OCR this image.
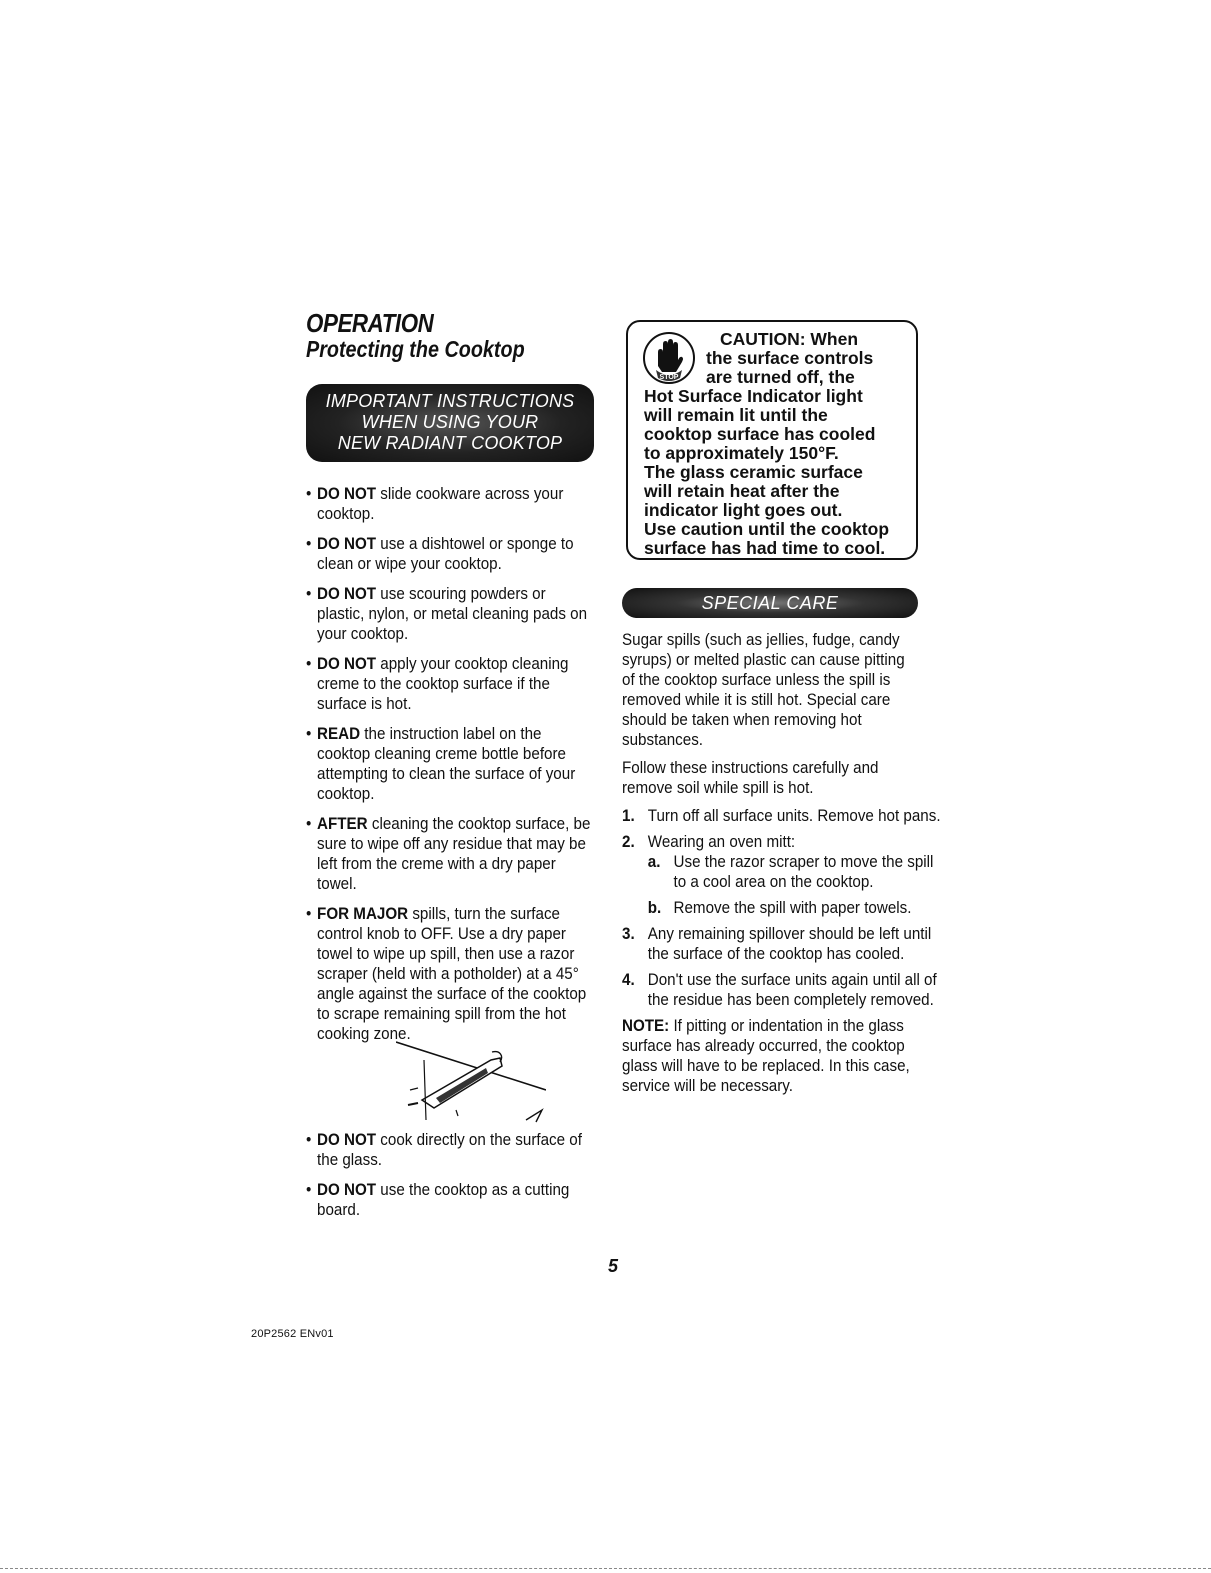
OPERATION
Protecting the Cooktop
IMPORTANT INSTRUCTIONS
WHEN USING YOUR
NEW RADIANT COOKTOP
• DO NOT slide cookware across your cooktop.
• DO NOT use a dishtowel or sponge to clean or wipe your cooktop.
• DO NOT use scouring powders or plastic, nylon, or metal cleaning pads on your cooktop.
• DO NOT apply your cooktop cleaning creme to the cooktop surface if the surface is hot.
• READ the instruction label on the cooktop cleaning creme bottle before attempting to clean the surface of your cooktop.
• AFTER cleaning the cooktop surface, be sure to wipe off any residue that may be left from the creme with a dry paper towel.
• FOR MAJOR spills, turn the surface control knob to OFF. Use a dry paper towel to wipe up spill, then use a razor scraper (held with a potholder) at a 45° angle against the surface of the cooktop to scrape remaining spill from the hot cooking zone.
• DO NOT cook directly on the surface of the glass.
• DO NOT use the cooktop as a cutting board.
STOP
CAUTION: When
the surface controls
are turned off, the
Hot Surface Indicator light
will remain lit until the
cooktop surface has cooled
to approximately 150°F.
The glass ceramic surface
will retain heat after the
indicator light goes out.
Use caution until the cooktop
surface has had time to cool.
SPECIAL CARE

Sugar spills (such as jellies, fudge, candy syrups) or melted plastic can cause pitting of the cooktop surface unless the spill is removed while it is still hot. Special care should be taken when removing hot substances.

Follow these instructions carefully and remove soil while spill is hot.

1. Turn off all surface units. Remove hot pans.
2. Wearing an oven mitt:
a. Use the razor scraper to move the spill to a cool area on the cooktop.
b. Remove the spill with paper towels.
3. Any remaining spillover should be left until the surface of the cooktop has cooled.
4. Don't use the surface units again until all of the residue has been completely removed.

NOTE: If pitting or indentation in the glass surface has already occurred, the cooktop glass will have to be replaced. In this case, service will be necessary.

5
20P2562 ENv01
